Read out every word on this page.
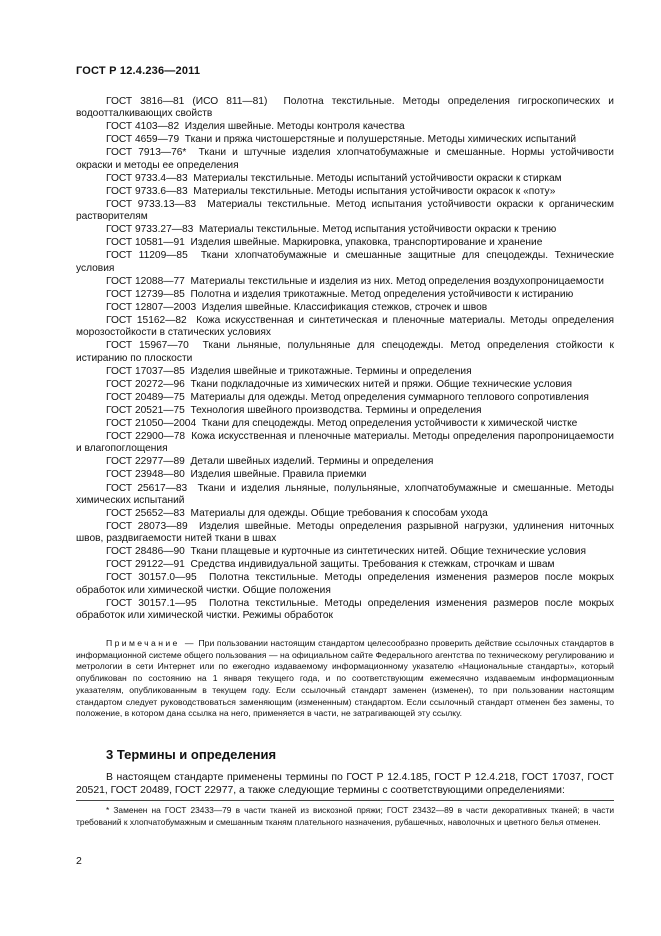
ГОСТ Р 12.4.236—2011

ГОСТ 3816—81 (ИСО 811—81) Полотна текстильные. Методы определения гигроскопических и водоотталкивающих свойств

ГОСТ 4103—82 Изделия швейные. Методы контроля качества

ГОСТ 4659—79 Ткани и пряжа чистошерстяные и полушерстяные. Методы химических испытаний

ГОСТ 7913—76* Ткани и штучные изделия хлопчатобумажные и смешанные. Нормы устойчивости окраски и методы ее определения

ГОСТ 9733.4—83 Материалы текстильные. Методы испытаний устойчивости окраски к стиркам

ГОСТ 9733.6—83 Материалы текстильные. Методы испытания устойчивости окрасок к «поту»

ГОСТ 9733.13—83 Материалы текстильные. Метод испытания устойчивости окраски к органическим растворителям

ГОСТ 9733.27—83 Материалы текстильные. Метод испытания устойчивости окраски к трению

ГОСТ 10581—91 Изделия швейные. Маркировка, упаковка, транспортирование и хранение

ГОСТ 11209—85 Ткани хлопчатобумажные и смешанные защитные для спецодежды. Технические условия

ГОСТ 12088—77 Материалы текстильные и изделия из них. Метод определения воздухопроницаемости

ГОСТ 12739—85 Полотна и изделия трикотажные. Метод определения устойчивости к истиранию

ГОСТ 12807—2003 Изделия швейные. Классификация стежков, строчек и швов

ГОСТ 15162—82 Кожа искусственная и синтетическая и пленочные материалы. Методы определения морозостойкости в статических условиях

ГОСТ 15967—70 Ткани льняные, полульняные для спецодежды. Метод определения стойкости к истиранию по плоскости

ГОСТ 17037—85 Изделия швейные и трикотажные. Термины и определения

ГОСТ 20272—96 Ткани подкладочные из химических нитей и пряжи. Общие технические условия

ГОСТ 20489—75 Материалы для одежды. Метод определения суммарного теплового сопротивления

ГОСТ 20521—75 Технология швейного производства. Термины и определения

ГОСТ 21050—2004 Ткани для спецодежды. Метод определения устойчивости к химической чистке

ГОСТ 22900—78 Кожа искусственная и пленочные материалы. Методы определения паропроницаемости и влагопоглощения

ГОСТ 22977—89 Детали швейных изделий. Термины и определения

ГОСТ 23948—80 Изделия швейные. Правила приемки

ГОСТ 25617—83 Ткани и изделия льняные, полульняные, хлопчатобумажные и смешанные. Методы химических испытаний

ГОСТ 25652—83 Материалы для одежды. Общие требования к способам ухода

ГОСТ 28073—89 Изделия швейные. Методы определения разрывной нагрузки, удлинения ниточных швов, раздвигаемости нитей ткани в швах

ГОСТ 28486—90 Ткани плащевые и курточные из синтетических нитей. Общие технические условия

ГОСТ 29122—91 Средства индивидуальной защиты. Требования к стежкам, строчкам и швам

ГОСТ 30157.0—95 Полотна текстильные. Методы определения изменения размеров после мокрых обработок или химической чистки. Общие положения

ГОСТ 30157.1—95 Полотна текстильные. Методы определения изменения размеров после мокрых обработок или химической чистки. Режимы обработок

Примечание — При пользовании настоящим стандартом целесообразно проверить действие ссылочных стандартов в информационной системе общего пользования — на официальном сайте Федерального агентства по техническому регулированию и метрологии в сети Интернет или по ежегодно издаваемому информационному указателю «Национальные стандарты», который опубликован по состоянию на 1 января текущего года, и по соответствующим ежемесячно издаваемым информационным указателям, опубликованным в текущем году. Если ссылочный стандарт заменен (изменен), то при пользовании настоящим стандартом следует руководствоваться заменяющим (измененным) стандартом. Если ссылочный стандарт отменен без замены, то положение, в котором дана ссылка на него, применяется в части, не затрагивающей эту ссылку.
3 Термины и определения
В настоящем стандарте применены термины по ГОСТ Р 12.4.185, ГОСТ Р 12.4.218, ГОСТ 17037, ГОСТ 20521, ГОСТ 20489, ГОСТ 22977, а также следующие термины с соответствующими определениями:
* Заменен на ГОСТ 23433—79 в части тканей из вискозной пряжи; ГОСТ 23432—89 в части декоративных тканей; в части требований к хлопчатобумажным и смешанным тканям плательного назначения, рубашечных, наволочных и цветного белья отменен.
2
